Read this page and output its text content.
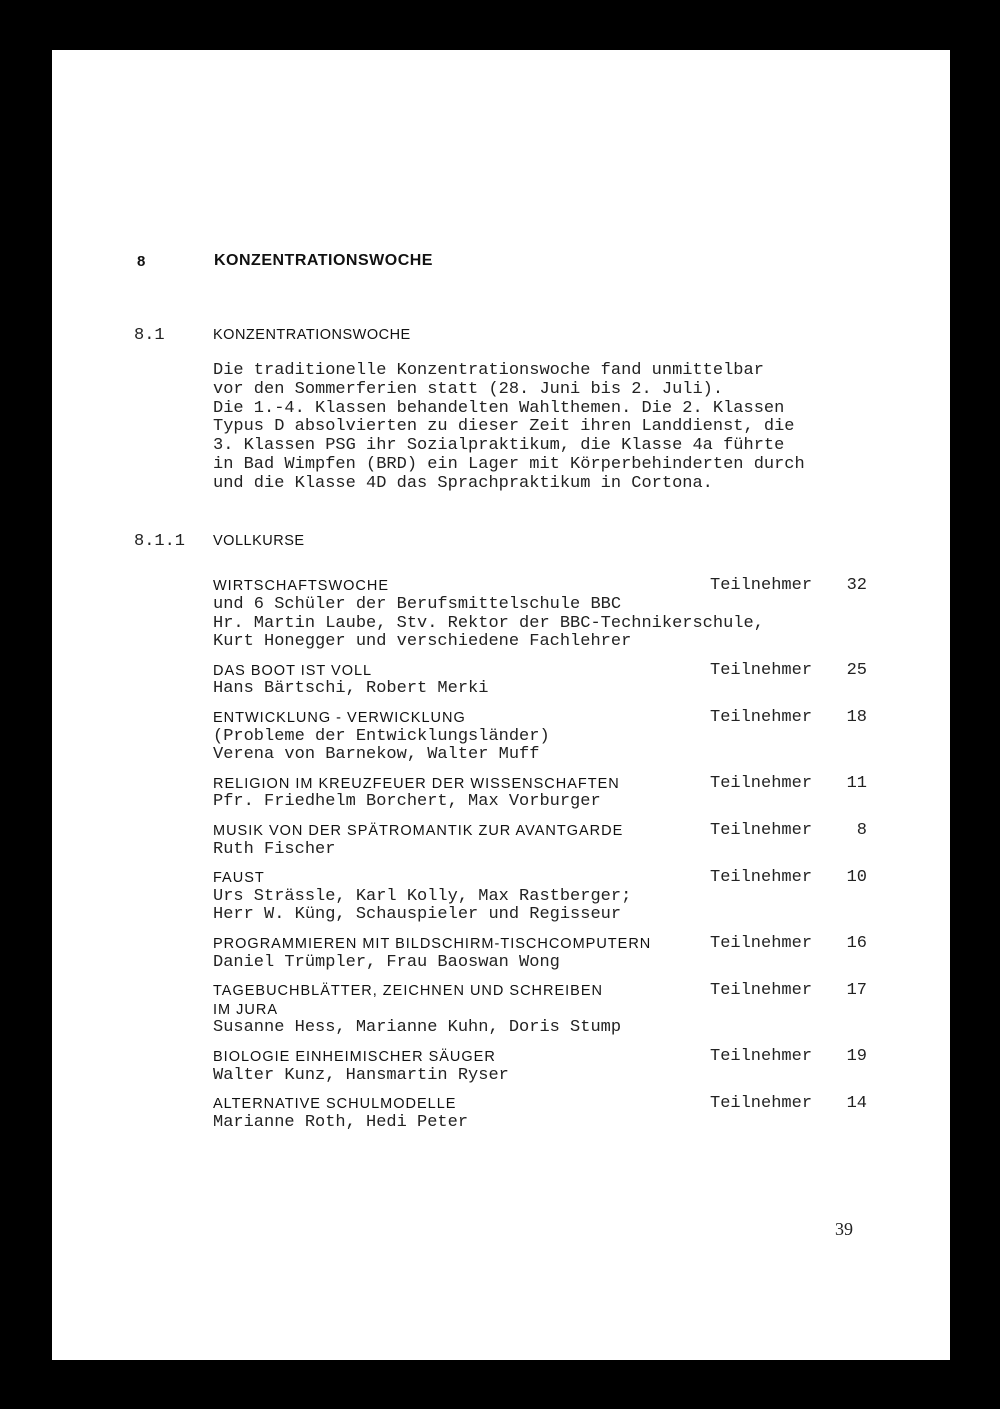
8	KONZENTRATIONSWOCHE
8.1	KONZENTRATIONSWOCHE
Die traditionelle Konzentrationswoche fand unmittelbar
vor den Sommerferien statt (28. Juni bis 2. Juli).
Die 1.-4. Klassen behandelten Wahlthemen. Die 2. Klassen
Typus D absolvierten zu dieser Zeit ihren Landdienst, die
3. Klassen PSG ihr Sozialpraktikum, die Klasse 4a führte
in Bad Wimpfen (BRD) ein Lager mit Körperbehinderten durch
und die Klasse 4D das Sprachpraktikum in Cortona.
8.1.1 VOLLKURSE
WIRTSCHAFTSWOCHE	Teilnehmer	32
und 6 Schüler der Berufsmittelschule BBC
Hr. Martin Laube, Stv. Rektor der BBC-Technikerschule,
Kurt Honegger und verschiedene Fachlehrer
DAS BOOT IST VOLL	Teilnehmer	25
Hans Bärtschi, Robert Merki
ENTWICKLUNG - VERWICKLUNG	Teilnehmer	18
(Probleme der Entwicklungsländer)
Verena von Barnekow, Walter Muff
RELIGION IM KREUZFEUER DER WISSENSCHAFTEN	Teilnehmer	11
Pfr. Friedhelm Borchert, Max Vorburger
MUSIK VON DER SPÄTROMANTIK ZUR AVANTGARDE	Teilnehmer	8
Ruth Fischer
FAUST	Teilnehmer	10
Urs Strässle, Karl Kolly, Max Rastberger;
Herr W. Küng, Schauspieler und Regisseur
PROGRAMMIEREN MIT BILDSCHIRM-TISCHCOMPUTERN	Teilnehmer	16
Daniel Trümpler, Frau Baoswan Wong
TAGEBUCHBLÄTTER, ZEICHNEN UND SCHREIBEN	Teilnehmer	17
IM JURA
Susanne Hess, Marianne Kuhn, Doris Stump
BIOLOGIE EINHEIMISCHER SÄUGER	Teilnehmer	19
Walter Kunz, Hansmartin Ryser
ALTERNATIVE SCHULMODELLE	Teilnehmer	14
Marianne Roth, Hedi Peter
39
